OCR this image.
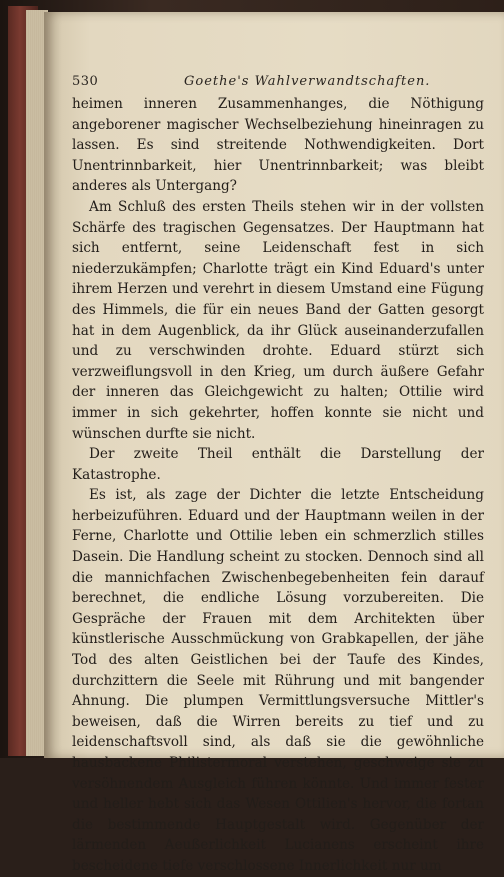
530	Goethe's Wahlverwandtschaften.

heimen inneren Zusammenhanges, die Nöthigung angeborener magischer Wechselbeziehung hineinragen zu lassen. Es sind streitende Nothwendigkeiten. Dort Unentrinnbarkeit, hier Unentrinnbarkeit; was bleibt anderes als Untergang?

Am Schluß des ersten Theils stehen wir in der vollsten Schärfe des tragischen Gegensatzes. Der Hauptmann hat sich entfernt, seine Leidenschaft fest in sich niederzukämpfen; Charlotte trägt ein Kind Eduard's unter ihrem Herzen und verehrt in diesem Umstand eine Fügung des Himmels, die für ein neues Band der Gatten gesorgt hat in dem Augenblick, da ihr Glück auseinanderzufallen und zu verschwinden drohte. Eduard stürzt sich verzweiflungsvoll in den Krieg, um durch äußere Gefahr der inneren das Gleichgewicht zu halten; Ottilie wird immer in sich gekehrter, hoffen konnte sie nicht und wünschen durfte sie nicht.

Der zweite Theil enthält die Darstellung der Katastrophe.

Es ist, als zage der Dichter die letzte Entscheidung herbeizuführen. Eduard und der Hauptmann weilen in der Ferne, Charlotte und Ottilie leben ein schmerzlich stilles Dasein. Die Handlung scheint zu stocken. Dennoch sind all die mannichfachen Zwischenbegebenheiten fein darauf berechnet, die endliche Lösung vorzubereiten. Die Gespräche der Frauen mit dem Architekten über künstlerische Ausschmückung von Grabkapellen, der jähe Tod des alten Geistlichen bei der Taufe des Kindes, durchzittern die Seele mit Rührung und mit bangender Ahnung. Die plumpen Vermittlungsversuche Mittler's beweisen, daß die Wirren bereits zu tief und zu leidenschaftsvoll sind, als daß sie die gewöhnliche hausbackene Philistermoral verstehen, geschweige sie zu versöhnendem Ausgleich führen könnte. Und immer fester und heller hebt sich das Wesen Ottilien's hervor, die fortan die bestimmende Hauptgestalt wird. Gegenüber der lärmenden Aeußerlichkeit Lucianens erscheint ihre bescheidene tiefe verschlossene Innerlichkeit nur um
